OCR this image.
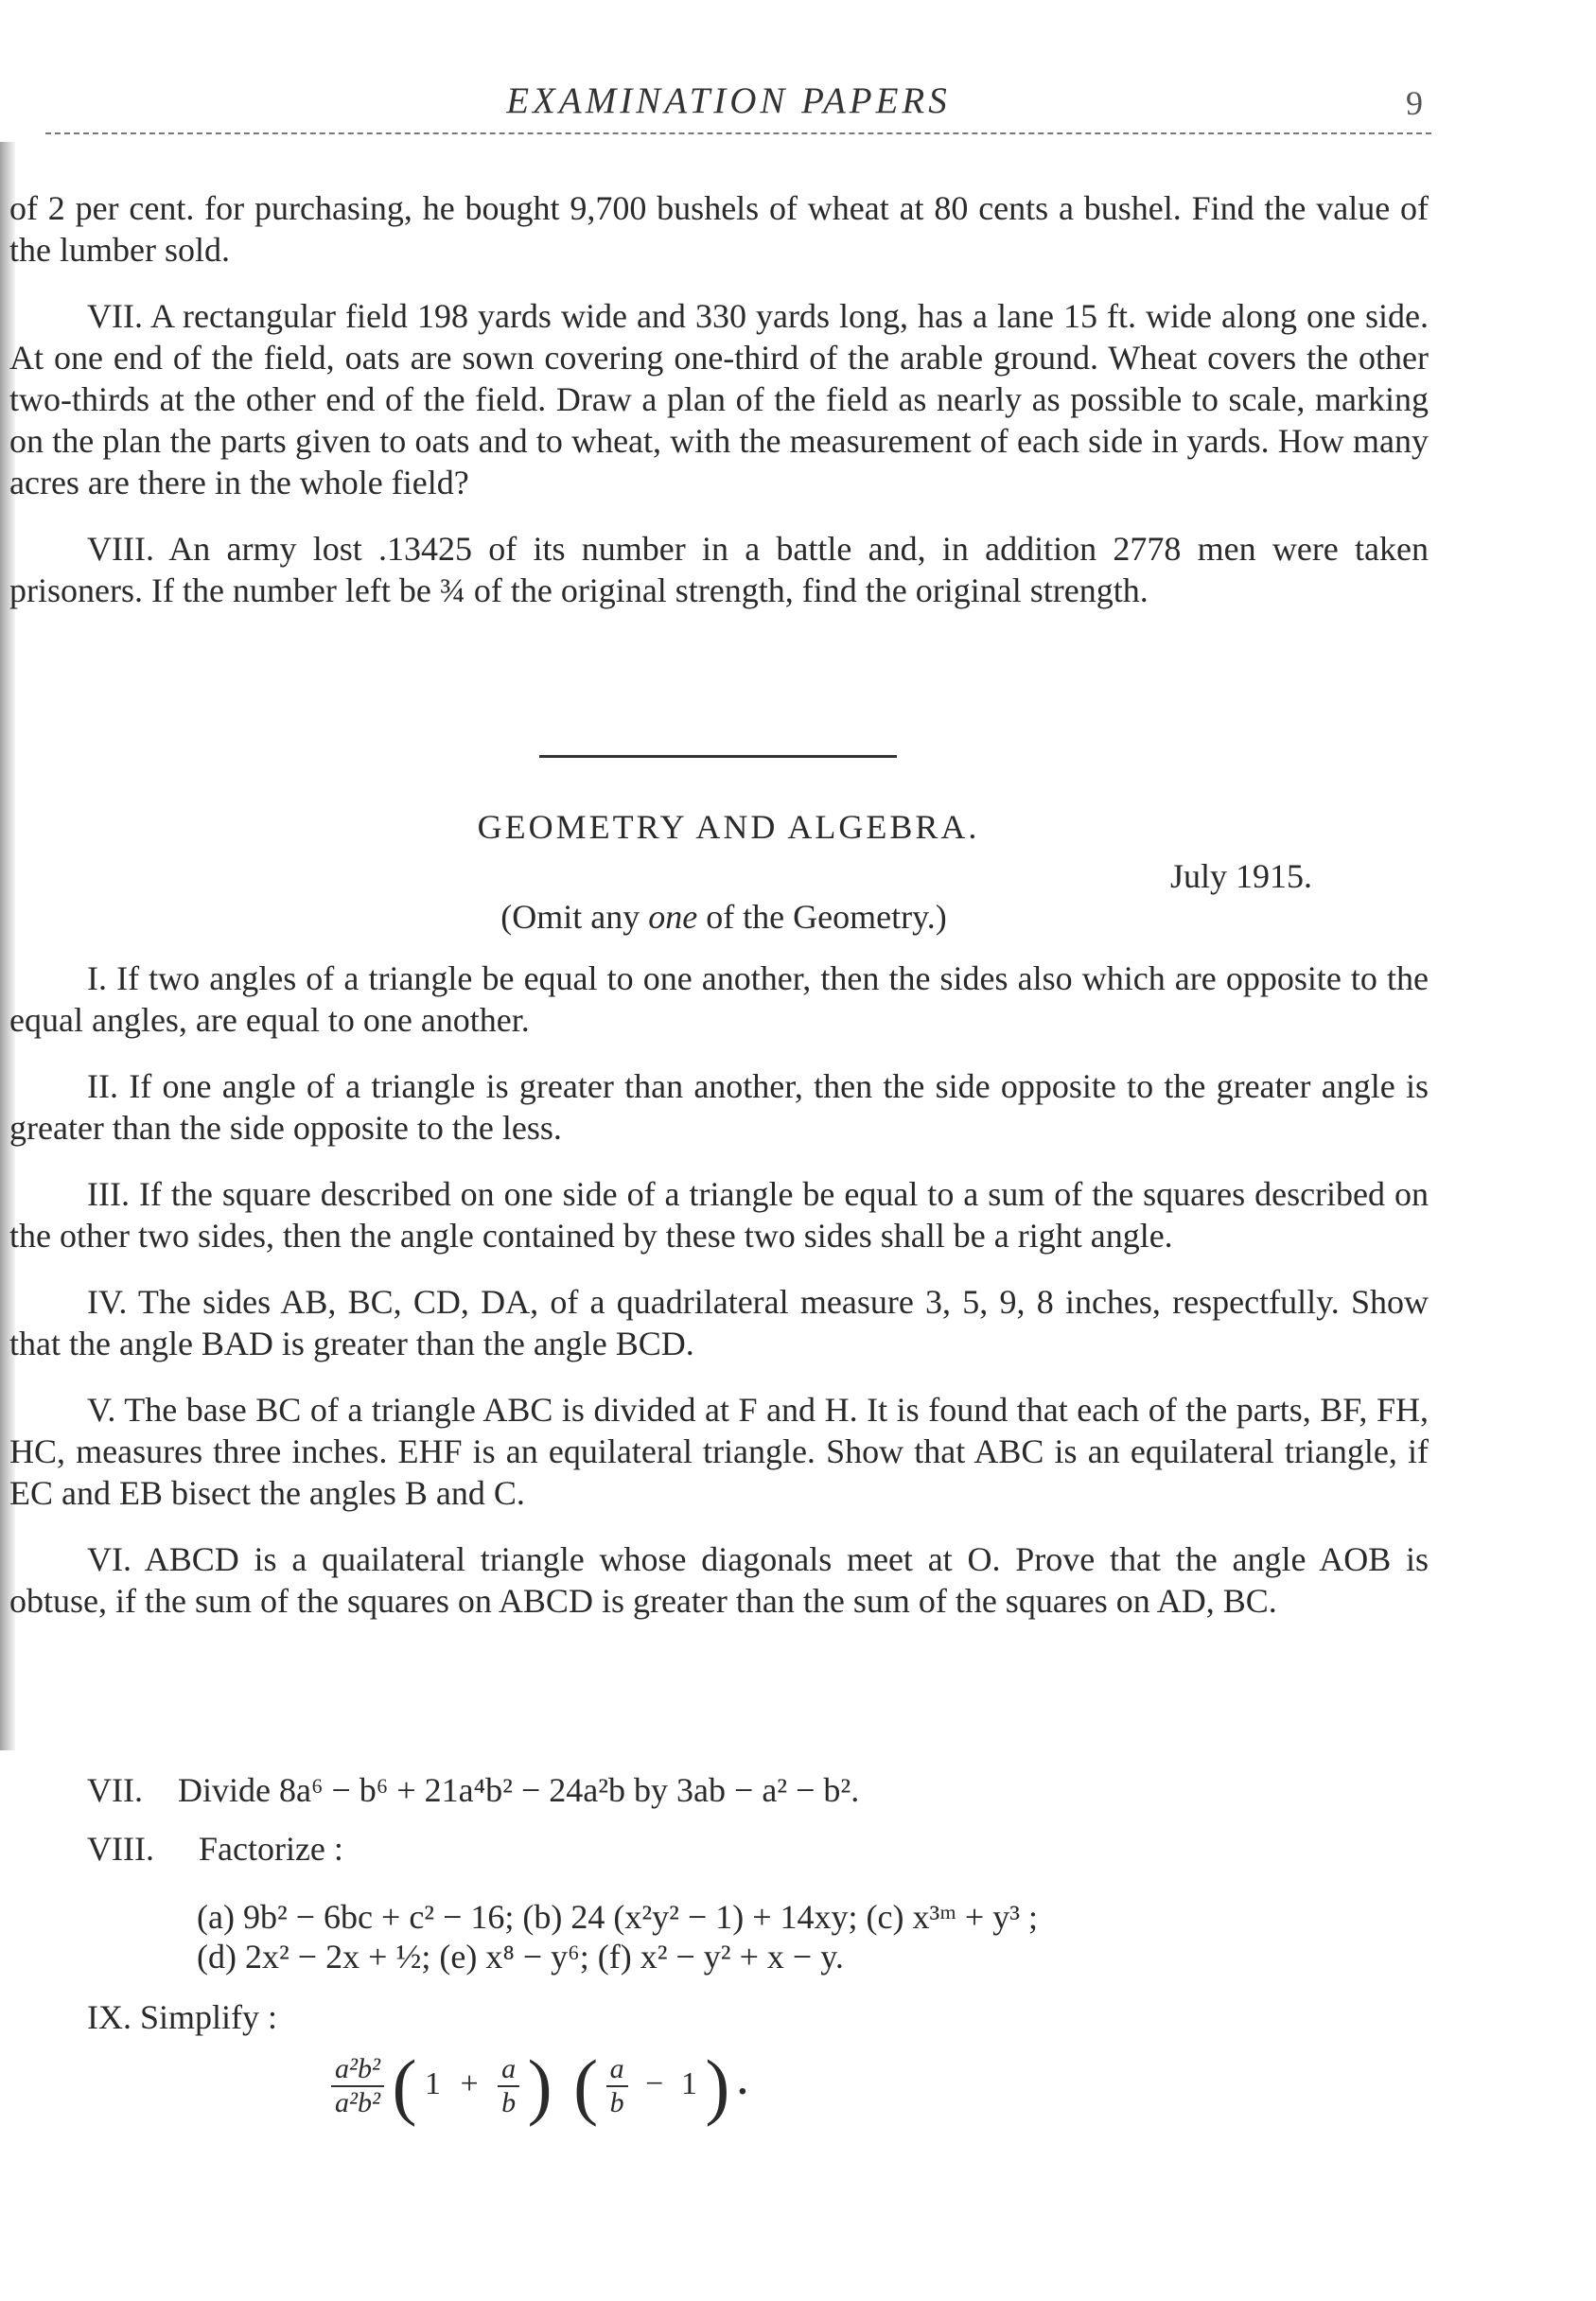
EXAMINATION PAPERS	9

of 2 per cent. for purchasing, he bought 9,700 bushels of wheat at 80 cents a bushel. Find the value of the lumber sold.

VII. A rectangular field 198 yards wide and 330 yards long, has a lane 15 ft. wide along one side. At one end of the field, oats are sown covering one-third of the arable ground. Wheat covers the other two-thirds at the other end of the field. Draw a plan of the field as nearly as possible to scale, marking on the plan the parts given to oats and to wheat, with the measurement of each side in yards. How many acres are there in the whole field?

VIII. An army lost .13425 of its number in a battle and, in addition 2778 men were taken prisoners. If the number left be ¾ of the original strength, find the original strength.

GEOMETRY AND ALGEBRA.
July 1915.
(Omit any one of the Geometry.)

I. If two angles of a triangle be equal to one another, then the sides also which are opposite to the equal angles, are equal to one another.

II. If one angle of a triangle is greater than another, then the side opposite to the greater angle is greater than the side opposite to the less.

III. If the square described on one side of a triangle be equal to a sum of the squares described on the other two sides, then the angle contained by these two sides shall be a right angle.

IV. The sides AB, BC, CD, DA, of a quadrilateral measure 3, 5, 9, 8 inches, respectfully. Show that the angle BAD is greater than the angle BCD.

V. The base BC of a triangle ABC is divided at F and H. It is found that each of the parts, BF, FH, HC, measures three inches. EHF is an equilateral triangle. Show that ABC is an equilateral triangle, if EC and EB bisect the angles B and C.

VI. ABCD is a quailateral triangle whose diagonals meet at O. Prove that the angle AOB is obtuse, if the sum of the squares on ABCD is greater than the sum of the squares on AD, BC.

VII. Divide 8a⁶ − b⁶ + 21a⁴b² − 24a²b by 3ab − a² − b².
VIII. Factorize :
(a) 9b² − 6bc + c² − 16; (b) 24 (x²y² − 1) + 14xy; (c) x³ᵐ + y³ ;
(d) 2x² − 2x + ½; (e) x⁸ − y⁶; (f) x² − y² + x − y.
IX. Simplify :
$\frac{\text{a²b²}}{\text{a²b²}}$ ( $1 + \frac{a}{b}$ ) ( $\frac{a}{b} - 1$ ) .
